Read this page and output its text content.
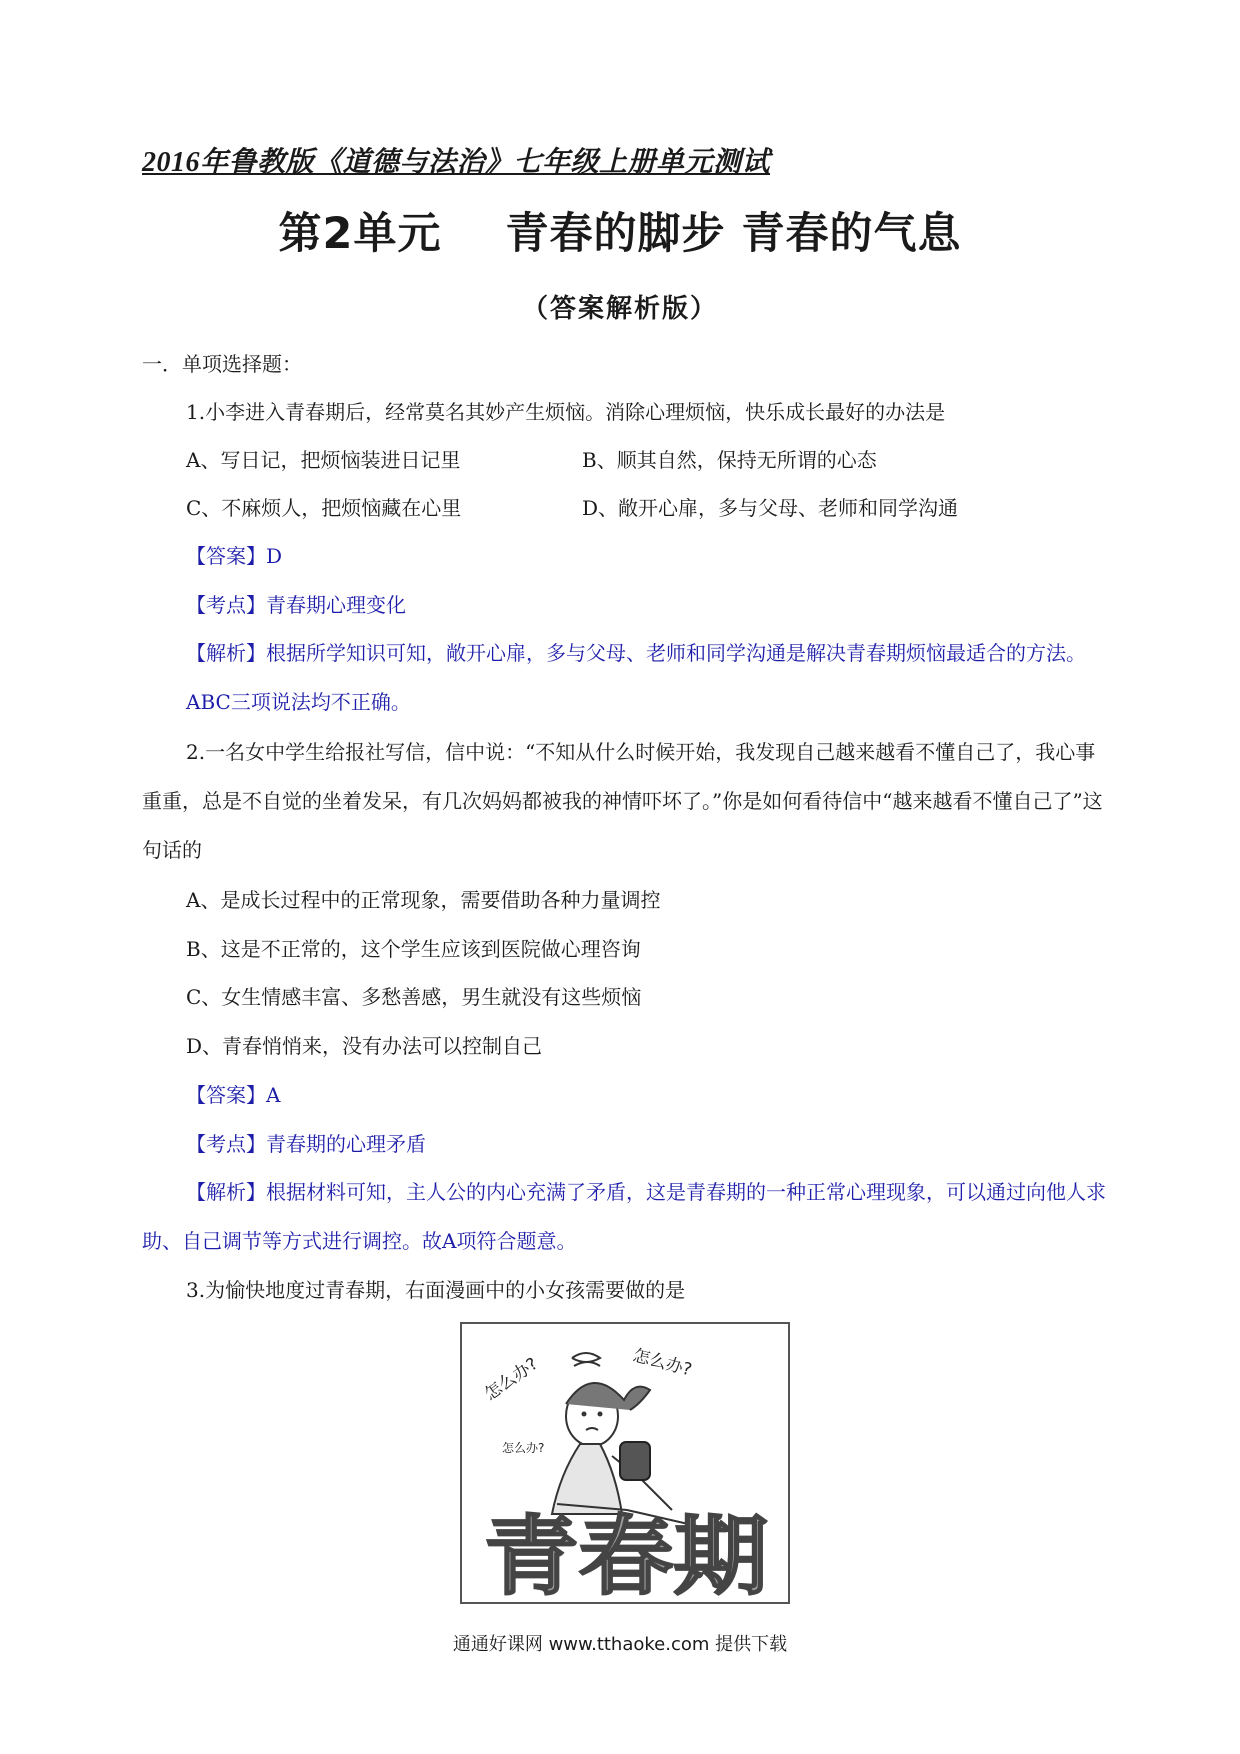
2016年鲁教版《道德与法治》七年级上册单元测试
第2单元 青春的脚步 青春的气息
（答案解析版）
一．单项选择题：
1.小李进入青春期后，经常莫名其妙产生烦恼。消除心理烦恼，快乐成长最好的办法是
A、写日记，把烦恼装进日记里	B、顺其自然，保持无所谓的心态
C、不麻烦人，把烦恼藏在心里	D、敞开心扉，多与父母、老师和同学沟通
【答案】D
【考点】青春期心理变化
【解析】根据所学知识可知，敞开心扉，多与父母、老师和同学沟通是解决青春期烦恼最适合的方法。ABC三项说法均不正确。
2.一名女中学生给报社写信，信中说：“不知从什么时候开始，我发现自己越来越看不懂自己了，我心事重重，总是不自觉的坐着发呆，有几次妈妈都被我的神情吓坏了。”你是如何看待信中“越来越看不懂自己了”这句话的
A、是成长过程中的正常现象，需要借助各种力量调控
B、这是不正常的，这个学生应该到医院做心理咨询
C、女生情感丰富、多愁善感，男生就没有这些烦恼
D、青春悄悄来，没有办法可以控制自己
【答案】A
【考点】青春期的心理矛盾
【解析】根据材料可知，主人公的内心充满了矛盾，这是青春期的一种正常心理现象，可以通过向他人求助、自己调节等方式进行调控。故A项符合题意。
3.为愉快地度过青春期，右面漫画中的小女孩需要做的是
怎么办?	怎么办?
怎么办?
青春期
通通好课网 www.tthaoke.com 提供下载
